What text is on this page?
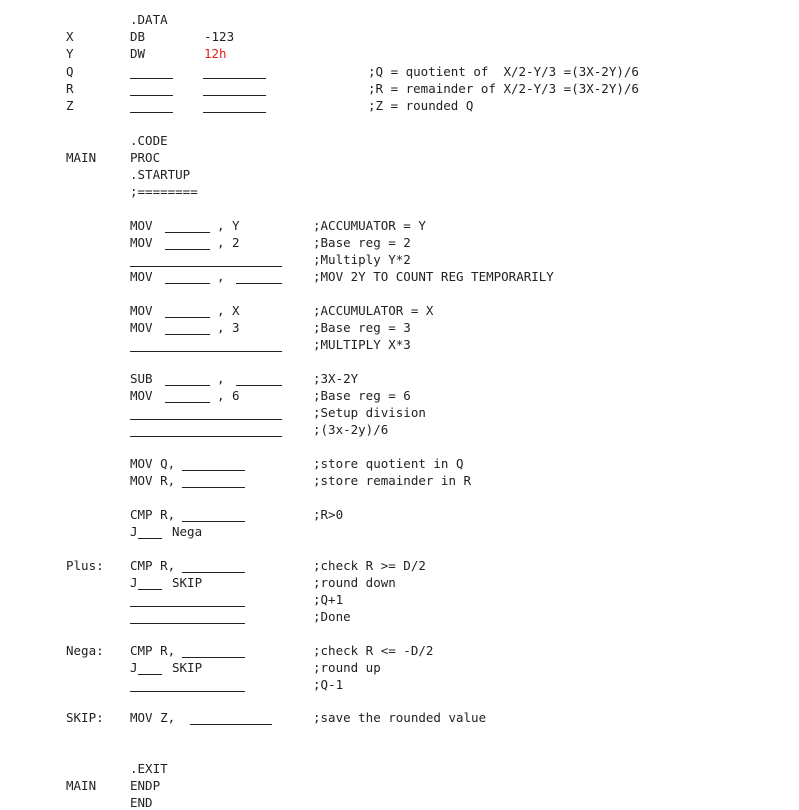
.DATA
X	DB	-123
Y	DW	12h
Q	;Q = quotient of  X/2-Y/3 =(3X-2Y)/6
R	;R = remainder of X/2-Y/3 =(3X-2Y)/6
Z	;Z = rounded Q
.CODE
MAIN	PROC
.STARTUP
;========
MOV	, Y	;ACCUMUATOR = Y
MOV	, 2	;Base reg = 2
;Multiply Y*2
MOV	,	;MOV 2Y TO COUNT REG TEMPORARILY
MOV	, X	;ACCUMULATOR = X
MOV	, 3	;Base reg = 3
;MULTIPLY X*3
SUB	,	;3X-2Y
MOV	, 6	;Base reg = 6
;Setup division
;(3x-2y)/6
MOV Q,	;store quotient in Q
MOV R,	;store remainder in R
CMP R,	;R>0
J	Nega
Plus: CMP R,	;check R >= D/2
J	SKIP	;round down
;Q+1
;Done
Nega: CMP R,	;check R <= -D/2
J	SKIP	;round up
;Q-1
SKIP: MOV Z,	;save the rounded value
.EXIT
MAIN	ENDP
END
